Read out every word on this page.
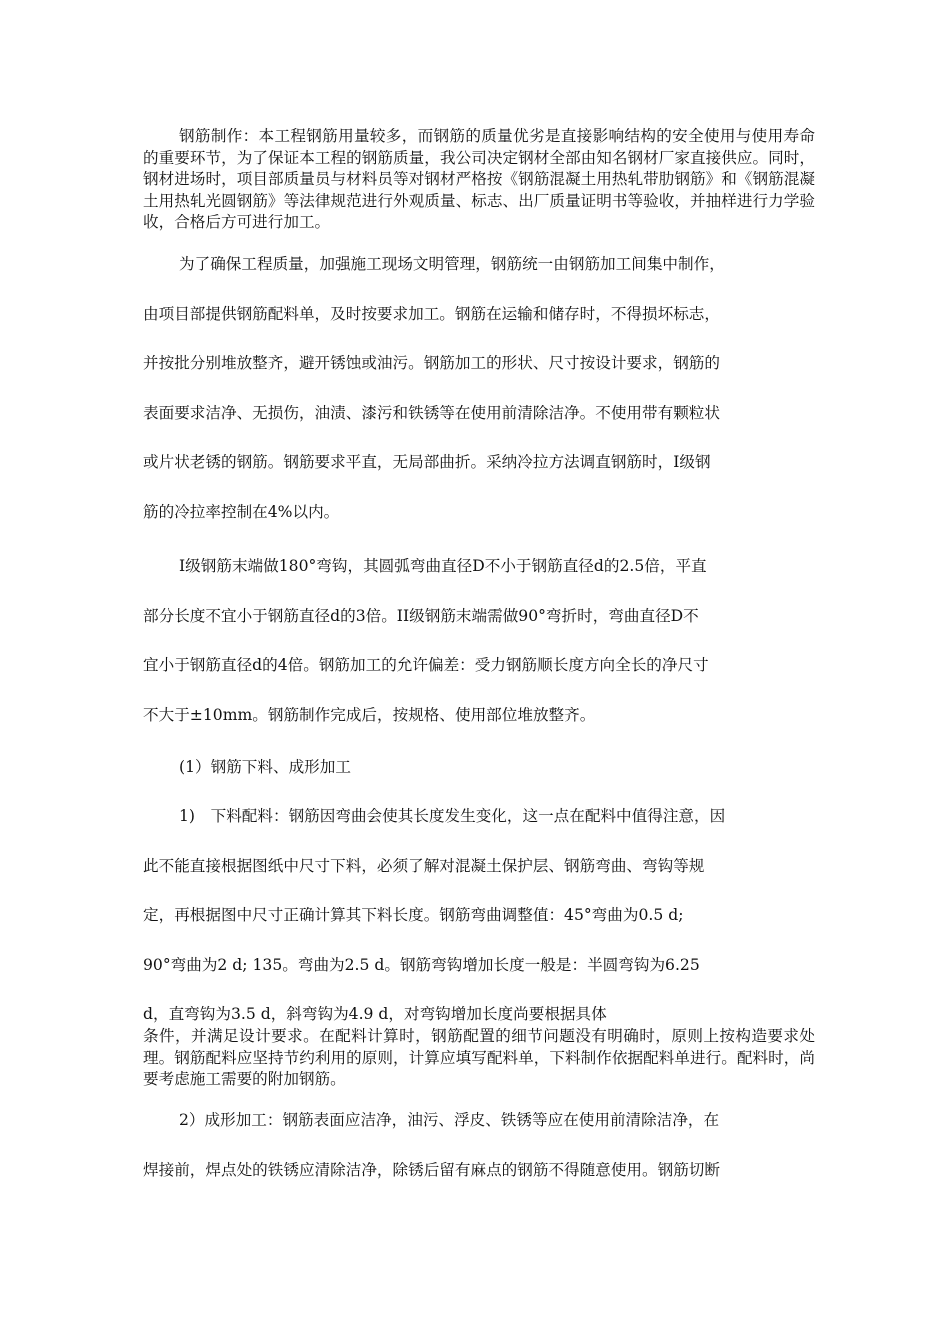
钢筋制作：本工程钢筋用量较多，而钢筋的质量优劣是直接影响结构的安全使用与使用寿命的重要环节，为了保证本工程的钢筋质量，我公司决定钢材全部由知名钢材厂家直接供应。同时，钢材进场时，项目部质量员与材料员等对钢材严格按《钢筋混凝土用热轧带肋钢筋》和《钢筋混凝土用热轧光圆钢筋》等法律规范进行外观质量、标志、出厂质量证明书等验收，并抽样进行力学验收，合格后方可进行加工。

为了确保工程质量，加强施工现场文明管理，钢筋统一由钢筋加工间集中制作，
由项目部提供钢筋配料单，及时按要求加工。钢筋在运输和储存时，不得损坏标志，
并按批分别堆放整齐，避开锈蚀或油污。钢筋加工的形状、尺寸按设计要求，钢筋的
表面要求洁净、无损伤，油渍、漆污和铁锈等在使用前清除洁净。不使用带有颗粒状
或片状老锈的钢筋。钢筋要求平直，无局部曲折。采纳冷拉方法调直钢筋时，I级钢
筋的冷拉率控制在4%以内。
I级钢筋末端做180°弯钩，其圆弧弯曲直径D不小于钢筋直径d的2.5倍，平直
部分长度不宜小于钢筋直径d的3倍。II级钢筋末端需做90°弯折时，弯曲直径D不
宜小于钢筋直径d的4倍。钢筋加工的允许偏差：受力钢筋顺长度方向全长的净尺寸
不大于±10mm。钢筋制作完成后，按规格、使用部位堆放整齐。
(1）钢筋下料、成形加工
1)　下料配料：钢筋因弯曲会使其长度发生变化，这一点在配料中值得注意，因
此不能直接根据图纸中尺寸下料，必须了解对混凝土保护层、钢筋弯曲、弯钩等规
定，再根据图中尺寸正确计算其下料长度。钢筋弯曲调整值：45°弯曲为0.5 d;
90°弯曲为2 d; 135。弯曲为2.5 d。钢筋弯钩增加长度一般是：半圆弯钩为6.25
d，直弯钩为3.5 d，斜弯钩为4.9 d，对弯钩增加长度尚要根据具体

条件，并满足设计要求。在配料计算时，钢筋配置的细节问题没有明确时，原则上按构造要求处理。钢筋配料应坚持节约利用的原则，计算应填写配料单，下料制作依据配料单进行。配料时，尚要考虑施工需要的附加钢筋。

2）成形加工：钢筋表面应洁净，油污、浮皮、铁锈等应在使用前清除洁净，在
焊接前，焊点处的铁锈应清除洁净，除锈后留有麻点的钢筋不得随意使用。钢筋切断
